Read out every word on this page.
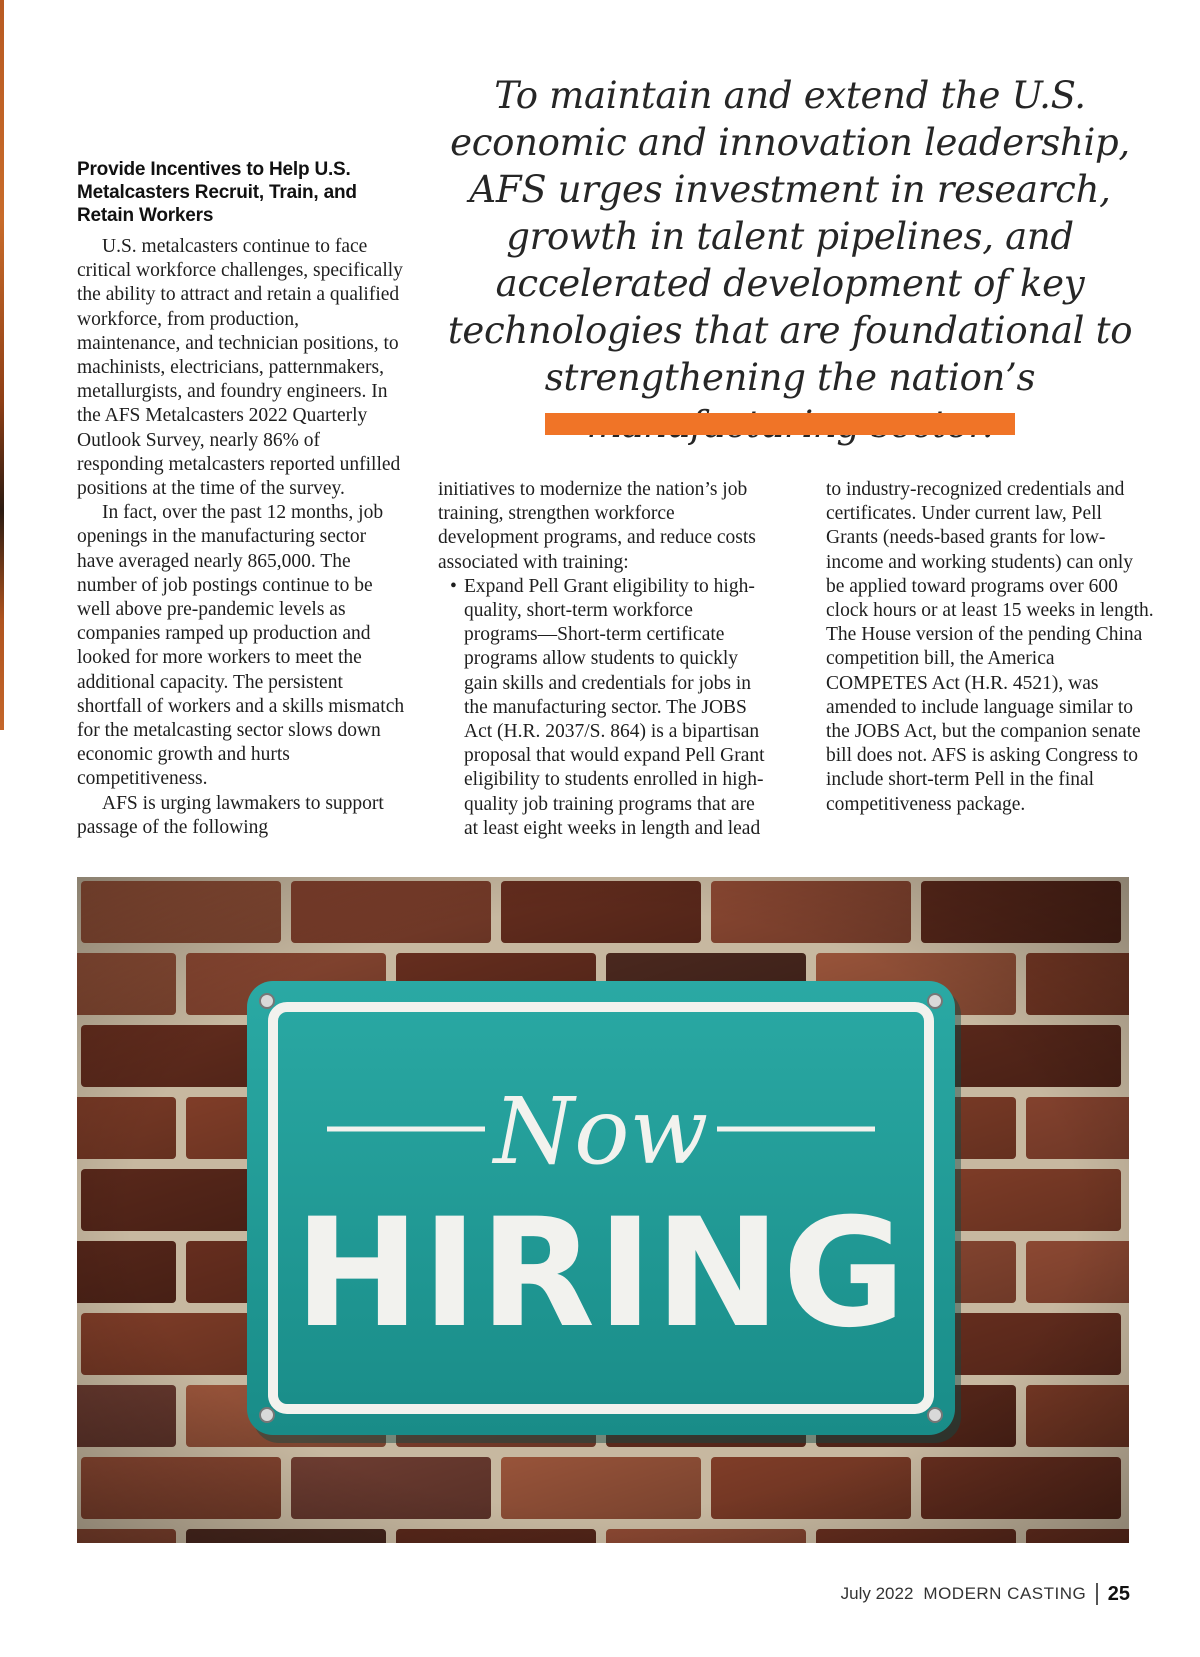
To maintain and extend the U.S. economic and innovation leadership, AFS urges investment in research, growth in talent pipelines, and accelerated development of key technologies that are foundational to strengthening the nation’s

Provide Incentives to Help U.S. Metalcasters Recruit, Train, and Retain Workers

U.S. metalcasters continue to face critical workforce challenges, specifically the ability to attract and retain a qualified workforce, from production, maintenance, and technician positions, to machinists, electricians, patternmakers, metallurgists, and foundry engineers. In the AFS Metalcasters 2022 Quarterly Outlook Survey, nearly 86% of responding metalcasters reported unfilled positions at the time of the survey.

In fact, over the past 12 months, job openings in the manufacturing sector have averaged nearly 865,000. The number of job postings continue to be well above pre-pandemic levels as companies ramped up production and looked for more workers to meet the additional capacity. The persistent shortfall of workers and a skills mismatch for the metalcasting sector slows down economic growth and hurts competitiveness.

AFS is urging lawmakers to support passage of the following

initiatives to modernize the nation’s job training, strengthen workforce development programs, and reduce costs associated with training:

• Expand Pell Grant eligibility to high-quality, short-term workforce programs—Short-term certificate programs allow students to quickly gain skills and credentials for jobs in the manufacturing sector. The JOBS Act (H.R. 2037/S. 864) is a bipartisan proposal that would expand Pell Grant eligibility to students enrolled in high-quality job training programs that are at least eight weeks in length and lead

to industry-recognized credentials and certificates. Under current law, Pell Grants (needs-based grants for low-income and working students) can only be applied toward programs over 600 clock hours or at least 15 weeks in length. The House version of the pending China competition bill, the America COMPETES Act (H.R. 4521), was amended to include language similar to the JOBS Act, but the companion senate bill does not. AFS is asking Congress to include short-term Pell in the final competitiveness package.

Now
HIRING
July 2022 MODERN CASTING 25
